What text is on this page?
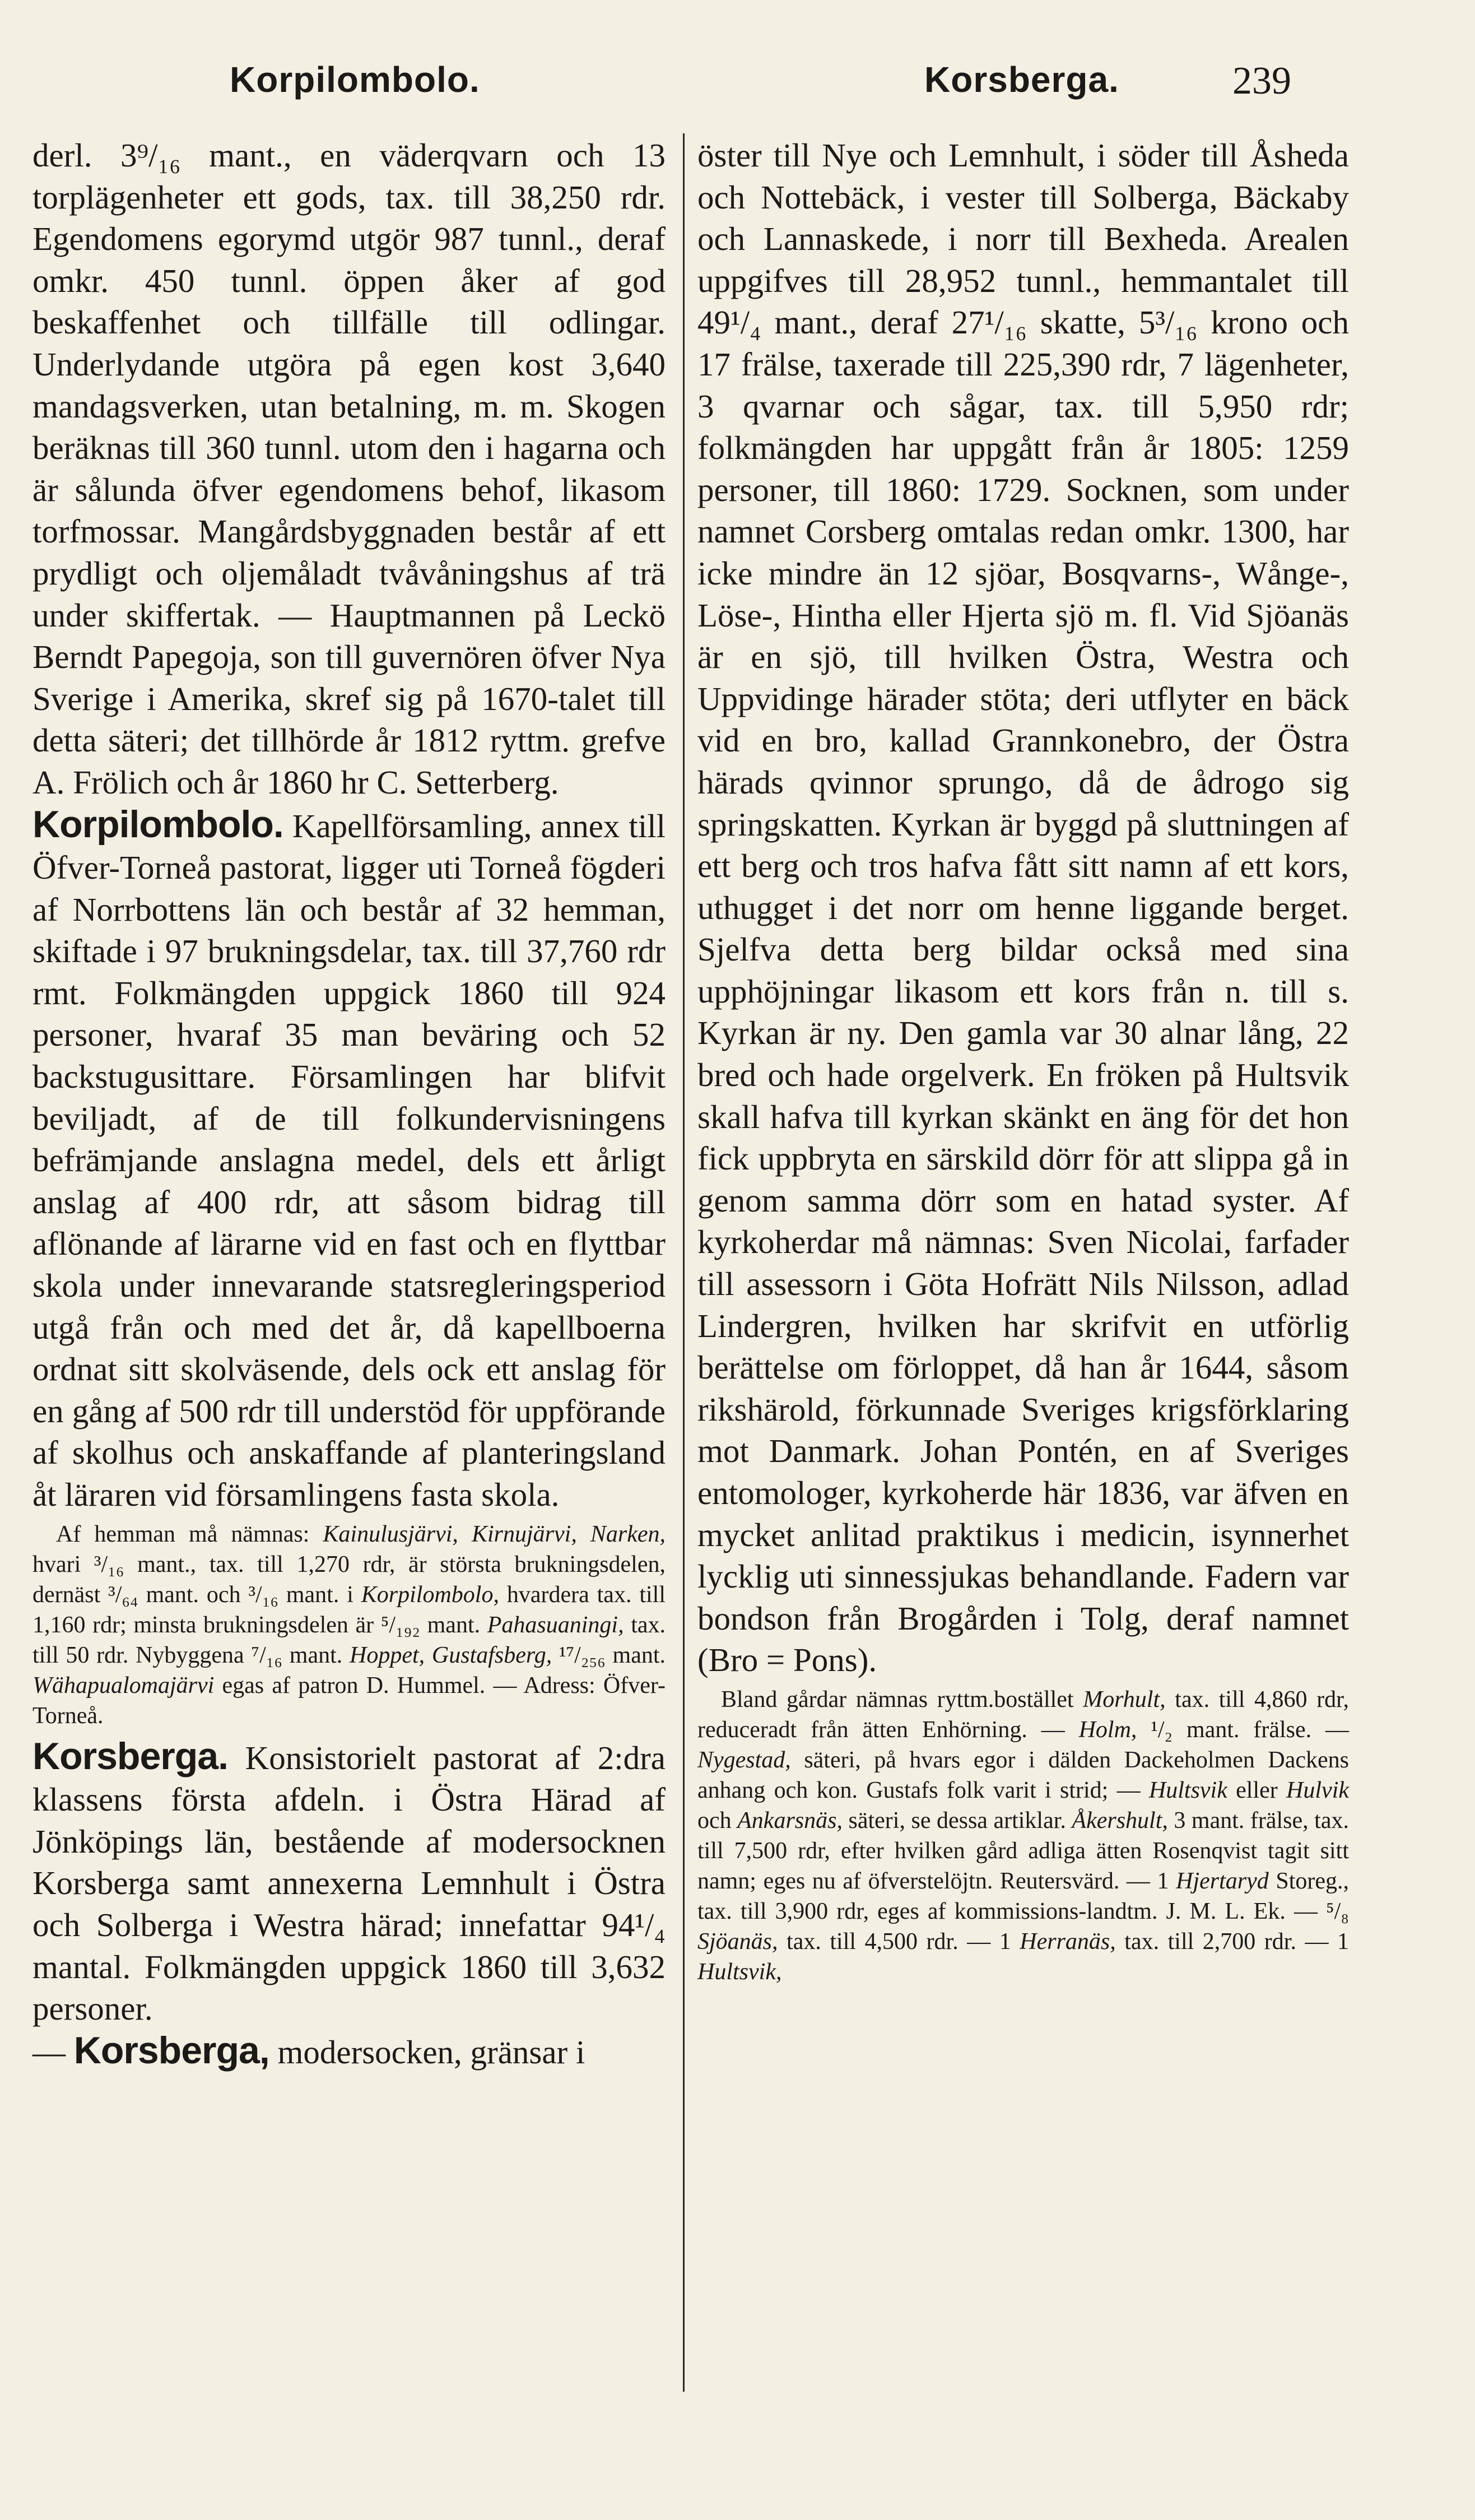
Korpilombolo.	Korsberga.	239

derl. 3⁹/₁₆ mant., en väderqvarn och 13 torplägenheter ett gods, tax. till 38,250 rdr. Egendomens egorymd utgör 987 tunnl., deraf omkr. 450 tunnl. öppen åker af god beskaffenhet och tillfälle till odlingar. Underlydande utgöra på egen kost 3,640 mandagsverken, utan betalning, m. m. Skogen beräknas till 360 tunnl. utom den i hagarna och är sålunda öfver egendomens behof, likasom torfmossar. Mangårdsbyggnaden består af ett prydligt och oljemåladt tvåvåningshus af trä under skiffertak. — Hauptmannen på Leckö Berndt Papegoja, son till guvernören öfver Nya Sverige i Amerika, skref sig på 1670-talet till detta säteri; det tillhörde år 1812 ryttm. grefve A. Frölich och år 1860 hr C. Setterberg.

Korpilombolo. Kapellförsamling, annex till Öfver-Torneå pastorat, ligger uti Torneå fögderi af Norrbottens län och består af 32 hemman, skiftade i 97 brukningsdelar, tax. till 37,760 rdr rmt. Folkmängden uppgick 1860 till 924 personer, hvaraf 35 man beväring och 52 backstugusittare. Församlingen har blifvit beviljadt, af de till folkundervisningens befrämjande anslagna medel, dels ett årligt anslag af 400 rdr, att såsom bidrag till aflönande af lärarne vid en fast och en flyttbar skola under innevarande statsregleringsperiod utgå från och med det år, då kapellboerna ordnat sitt skolväsende, dels ock ett anslag för en gång af 500 rdr till understöd för uppförande af skolhus och anskaffande af planteringsland åt läraren vid församlingens fasta skola.

Af hemman må nämnas: Kainulusjärvi, Kirnujärvi, Narken, hvari ³/₁₆ mant., tax. till 1,270 rdr, är största brukningsdelen, dernäst ³/₆₄ mant. och ³/₁₆ mant. i Korpilombolo, hvardera tax. till 1,160 rdr; minsta brukningsdelen är ⁵/₁₉₂ mant. Pahasuaningi, tax. till 50 rdr. Nybyggena ⁷/₁₆ mant. Hoppet, Gustafsberg, ¹⁷/₂₅₆ mant. Wähapualomajärvi egas af patron D. Hummel. — Adress: Öfver-Torneå.

Korsberga. Konsistorielt pastorat af 2:dra klassens första afdeln. i Östra Härad af Jönköpings län, bestående af modersocknen Korsberga samt annexerna Lemnhult i Östra och Solberga i Westra härad; innefattar 94¹/₄ mantal. Folkmängden uppgick 1860 till 3,632 personer.

— Korsberga, modersocken, gränsar i

öster till Nye och Lemnhult, i söder till Åsheda och Nottebäck, i vester till Solberga, Bäckaby och Lannaskede, i norr till Bexheda. Arealen uppgifves till 28,952 tunnl., hemmantalet till 49¹/₄ mant., deraf 27¹/₁₆ skatte, 5³/₁₆ krono och 17 frälse, taxerade till 225,390 rdr, 7 lägenheter, 3 qvarnar och sågar, tax. till 5,950 rdr; folkmängden har uppgått från år 1805: 1259 personer, till 1860: 1729. Socknen, som under namnet Corsberg omtalas redan omkr. 1300, har icke mindre än 12 sjöar, Bosqvarns-, Wånge-, Löse-, Hintha eller Hjerta sjö m. fl. Vid Sjöanäs är en sjö, till hvilken Östra, Westra och Uppvidinge härader stöta; deri utflyter en bäck vid en bro, kallad Grannkonebro, der Östra härads qvinnor sprungo, då de ådrogo sig springskatten. Kyrkan är byggd på sluttningen af ett berg och tros hafva fått sitt namn af ett kors, uthugget i det norr om henne liggande berget. Sjelfva detta berg bildar också med sina upphöjningar likasom ett kors från n. till s. Kyrkan är ny. Den gamla var 30 alnar lång, 22 bred och hade orgelverk. En fröken på Hultsvik skall hafva till kyrkan skänkt en äng för det hon fick uppbryta en särskild dörr för att slippa gå in genom samma dörr som en hatad syster. Af kyrkoherdar må nämnas: Sven Nicolai, farfader till assessorn i Göta Hofrätt Nils Nilsson, adlad Lindergren, hvilken har skrifvit en utförlig berättelse om förloppet, då han år 1644, såsom rikshärold, förkunnade Sveriges krigsförklaring mot Danmark. Johan Pontén, en af Sveriges entomologer, kyrkoherde här 1836, var äfven en mycket anlitad praktikus i medicin, isynnerhet lycklig uti sinnessjukas behandlande. Fadern var bondson från Brogården i Tolg, deraf namnet (Bro = Pons).

Bland gårdar nämnas ryttm.bostället Morhult, tax. till 4,860 rdr, reduceradt från ätten Enhörning. — Holm, ¹/₂ mant. frälse. — Nygestad, säteri, på hvars egor i dälden Dackeholmen Dackens anhang och kon. Gustafs folk varit i strid; — Hultsvik eller Hulvik och Ankarsnäs, säteri, se dessa artiklar. Åkershult, 3 mant. frälse, tax. till 7,500 rdr, efter hvilken gård adliga ätten Rosenqvist tagit sitt namn; eges nu af öfverstelöjtn. Reutersvärd. — 1 Hjertaryd Storeg., tax. till 3,900 rdr, eges af kommissions-landtm. J. M. L. Ek. — ⁵/₈ Sjöanäs, tax. till 4,500 rdr. — 1 Herranäs, tax. till 2,700 rdr. — 1 Hultsvik,
